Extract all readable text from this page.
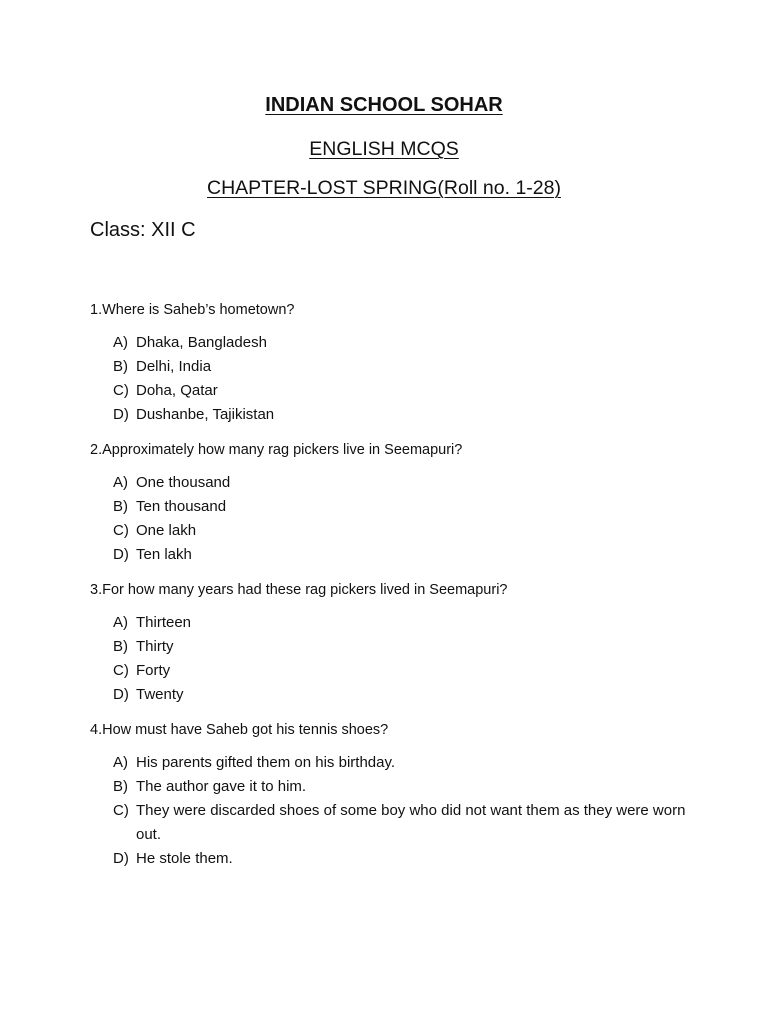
INDIAN SCHOOL SOHAR
ENGLISH MCQS
CHAPTER-LOST SPRING(Roll no. 1-28)
Class: XII C
1.Where is Saheb’s hometown?
A) Dhaka, Bangladesh
B) Delhi, India
C) Doha, Qatar
D) Dushanbe, Tajikistan
2.Approximately how many rag pickers live in Seemapuri?
A) One thousand
B) Ten thousand
C) One lakh
D) Ten lakh
3.For how many years had these rag pickers lived in Seemapuri?
A) Thirteen
B) Thirty
C) Forty
D) Twenty
4.How must have Saheb got his tennis shoes?
A) His parents gifted them on his birthday.
B) The author gave it to him.
C) They were discarded shoes of some boy who did not want them as they were worn out.
D) He stole them.
